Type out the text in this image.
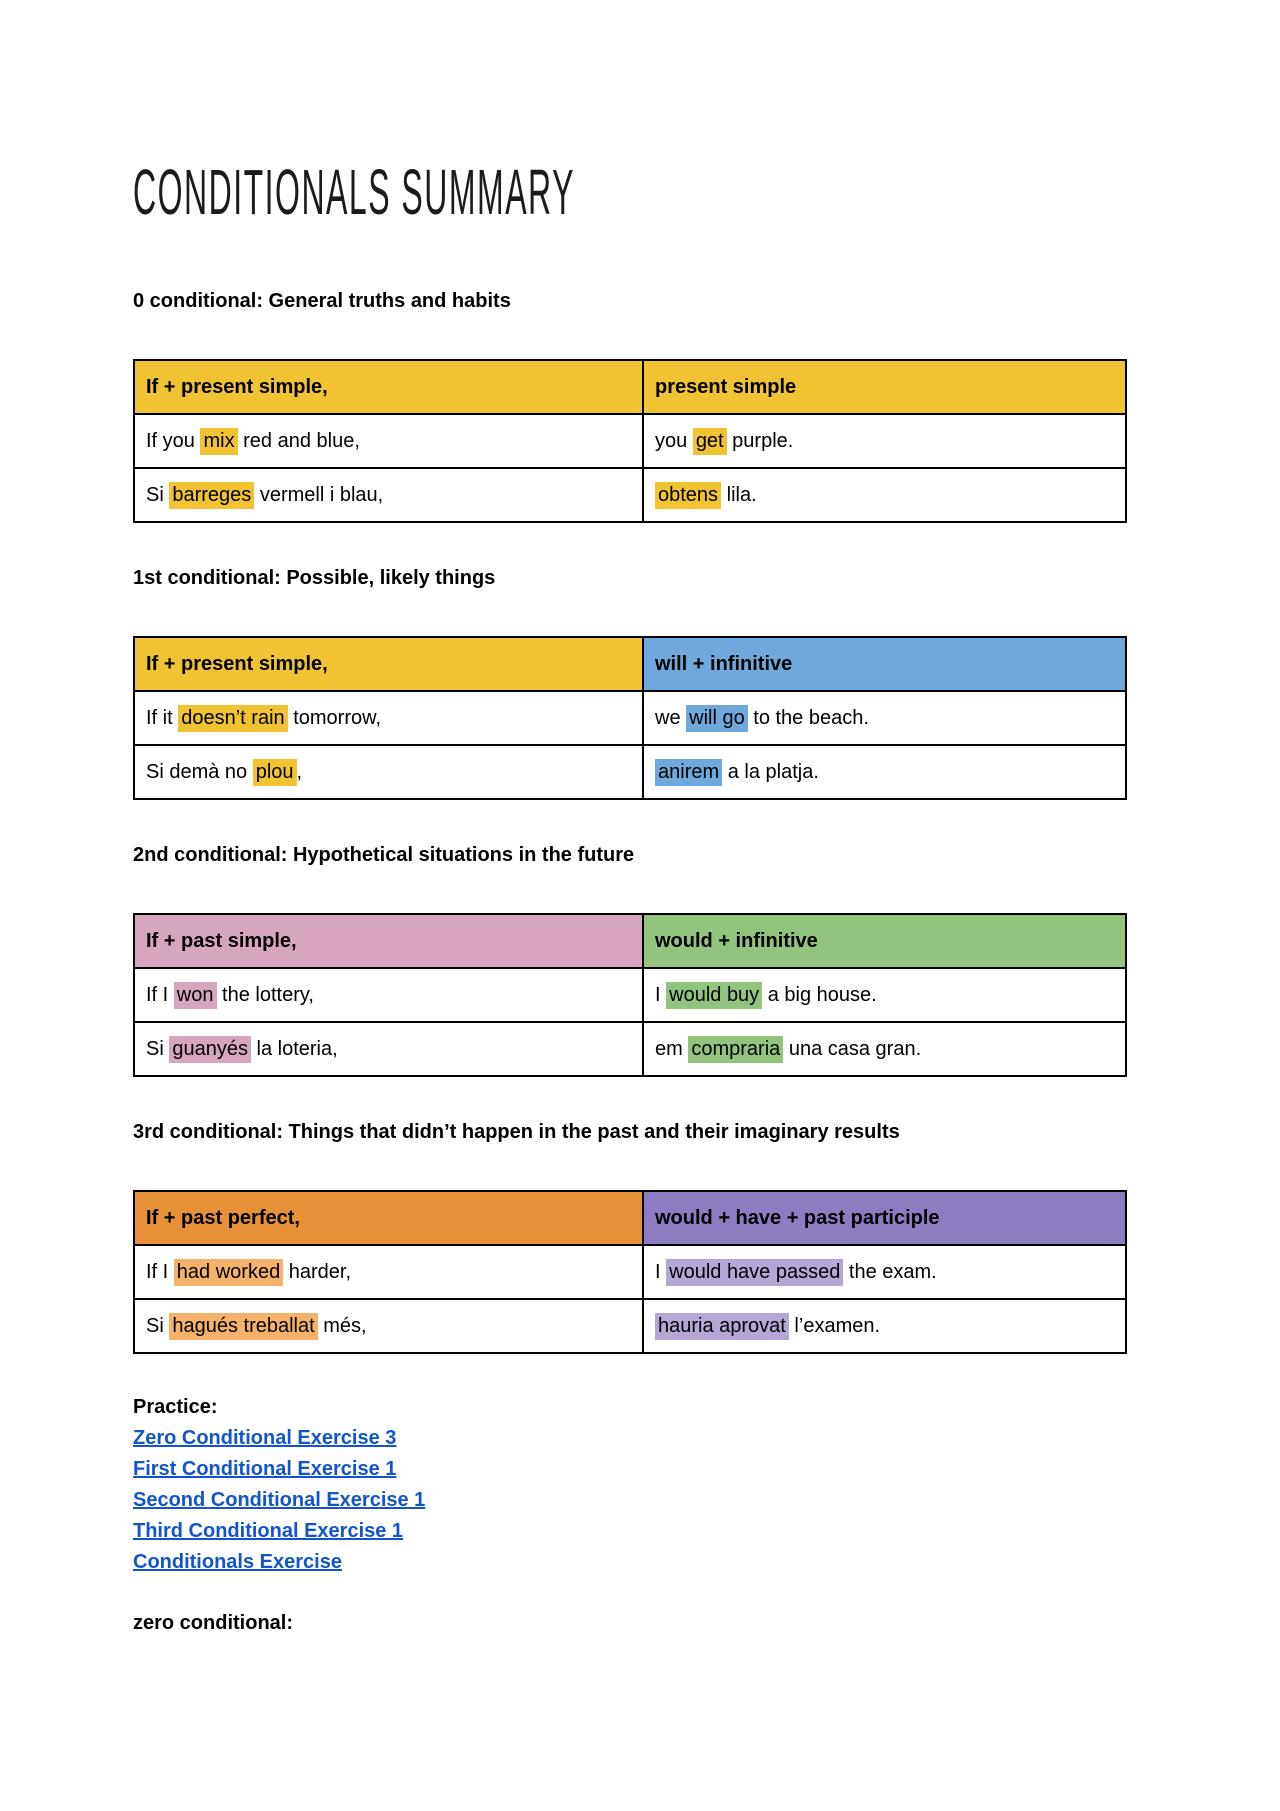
CONDITIONALS SUMMARY
0 conditional: General truths and habits
If + present simple,	present simple
If you mix red and blue,	you get purple.
Si barreges vermell i blau,	obtens lila.
1st conditional: Possible, likely things
If + present simple,	will + infinitive
If it doesn’t rain tomorrow,	we will go to the beach.
Si demà no plou ,	anirem a la platja.
2nd conditional: Hypothetical situations in the future
If + past simple,	would + infinitive
If I won the lottery,	I would buy a big house.
Si guanyés la loteria,	em compraria una casa gran.
3rd conditional: Things that didn’t happen in the past and their imaginary results
If + past perfect,	would + have + past participle
If I had worked harder,	I would have passed the exam.
Si hagués treballat més,	hauria aprovat l’examen.
Practice:
Zero Conditional Exercise 3
First Conditional Exercise 1
Second Conditional Exercise 1
Third Conditional Exercise 1
Conditionals Exercise
zero conditional:
